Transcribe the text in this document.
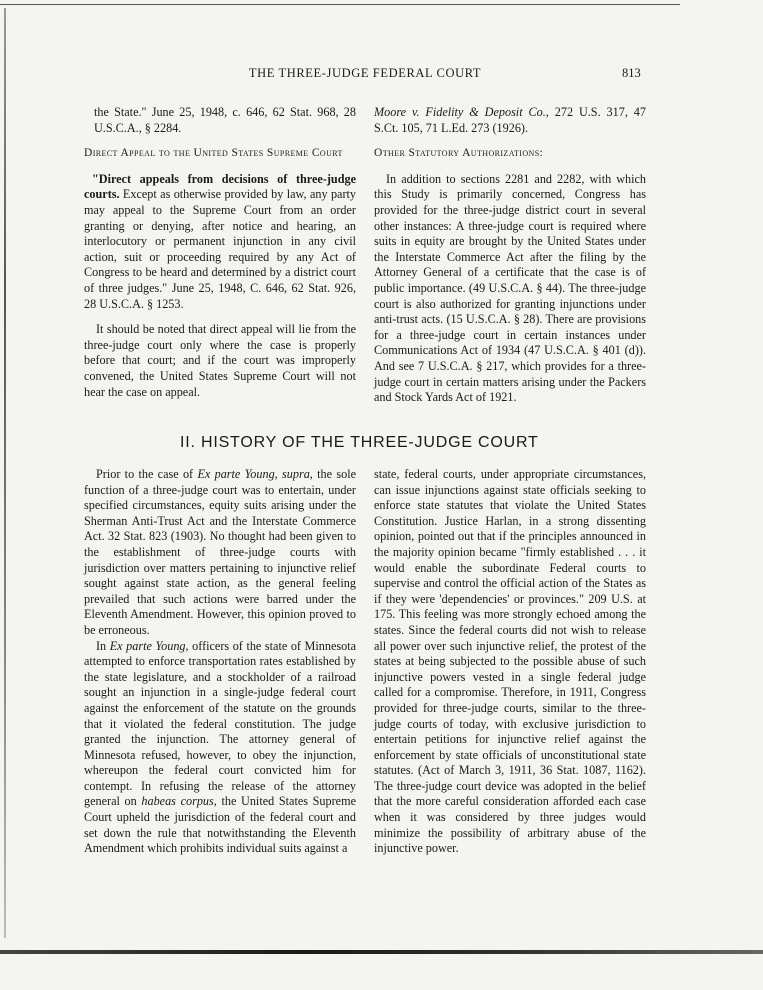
THE THREE-JUDGE FEDERAL COURT	813

the State." June 25, 1948, c. 646, 62 Stat. 968, 28 U.S.C.A., § 2284.

Direct Appeal to the United States Supreme Court

"Direct appeals from decisions of three-judge courts. Except as otherwise provided by law, any party may appeal to the Supreme Court from an order granting or denying, after notice and hearing, an interlocutory or permanent injunction in any civil action, suit or proceeding required by any Act of Congress to be heard and determined by a district court of three judges." June 25, 1948, C. 646, 62 Stat. 926, 28 U.S.C.A. § 1253.

It should be noted that direct appeal will lie from the three-judge court only where the case is properly before that court; and if the court was improperly convened, the United States Supreme Court will not hear the case on appeal.

Moore v. Fidelity & Deposit Co., 272 U.S. 317, 47 S.Ct. 105, 71 L.Ed. 273 (1926).

Other Statutory Authorizations:

In addition to sections 2281 and 2282, with which this Study is primarily concerned, Congress has provided for the three-judge district court in several other instances: A three-judge court is required where suits in equity are brought by the United States under the Interstate Commerce Act after the filing by the Attorney General of a certificate that the case is of public importance. (49 U.S.C.A. § 44). The three-judge court is also authorized for granting injunctions under anti-trust acts. (15 U.S.C.A. § 28). There are provisions for a three-judge court in certain instances under Communications Act of 1934 (47 U.S.C.A. § 401 (d)). And see 7 U.S.C.A. § 217, which provides for a three-judge court in certain matters arising under the Packers and Stock Yards Act of 1921.

II. HISTORY OF THE THREE-JUDGE COURT

Prior to the case of Ex parte Young, supra, the sole function of a three-judge court was to entertain, under specified circumstances, equity suits arising under the Sherman Anti-Trust Act and the Interstate Commerce Act. 32 Stat. 823 (1903). No thought had been given to the establishment of three-judge courts with jurisdiction over matters pertaining to injunctive relief sought against state action, as the general feeling prevailed that such actions were barred under the Eleventh Amendment. However, this opinion proved to be erroneous.

In Ex parte Young, officers of the state of Minnesota attempted to enforce transportation rates established by the state legislature, and a stockholder of a railroad sought an injunction in a single-judge federal court against the enforcement of the statute on the grounds that it violated the federal constitution. The judge granted the injunction. The attorney general of Minnesota refused, however, to obey the injunction, whereupon the federal court convicted him for contempt. In refusing the release of the attorney general on habeas corpus, the United States Supreme Court upheld the jurisdiction of the federal court and set down the rule that notwithstanding the Eleventh Amendment which prohibits individual suits against a

state, federal courts, under appropriate circumstances, can issue injunctions against state officials seeking to enforce state statutes that violate the United States Constitution. Justice Harlan, in a strong dissenting opinion, pointed out that if the principles announced in the majority opinion became "firmly established . . . it would enable the subordinate Federal courts to supervise and control the official action of the States as if they were 'dependencies' or provinces." 209 U.S. at 175. This feeling was more strongly echoed among the states. Since the federal courts did not wish to release all power over such injunctive relief, the protest of the states at being subjected to the possible abuse of such injunctive powers vested in a single federal judge called for a compromise. Therefore, in 1911, Congress provided for three-judge courts, similar to the three-judge courts of today, with exclusive jurisdiction to entertain petitions for injunctive relief against the enforcement by state officials of unconstitutional state statutes. (Act of March 3, 1911, 36 Stat. 1087, 1162). The three-judge court device was adopted in the belief that the more careful consideration afforded each case when it was considered by three judges would minimize the possibility of arbitrary abuse of the injunctive power.
